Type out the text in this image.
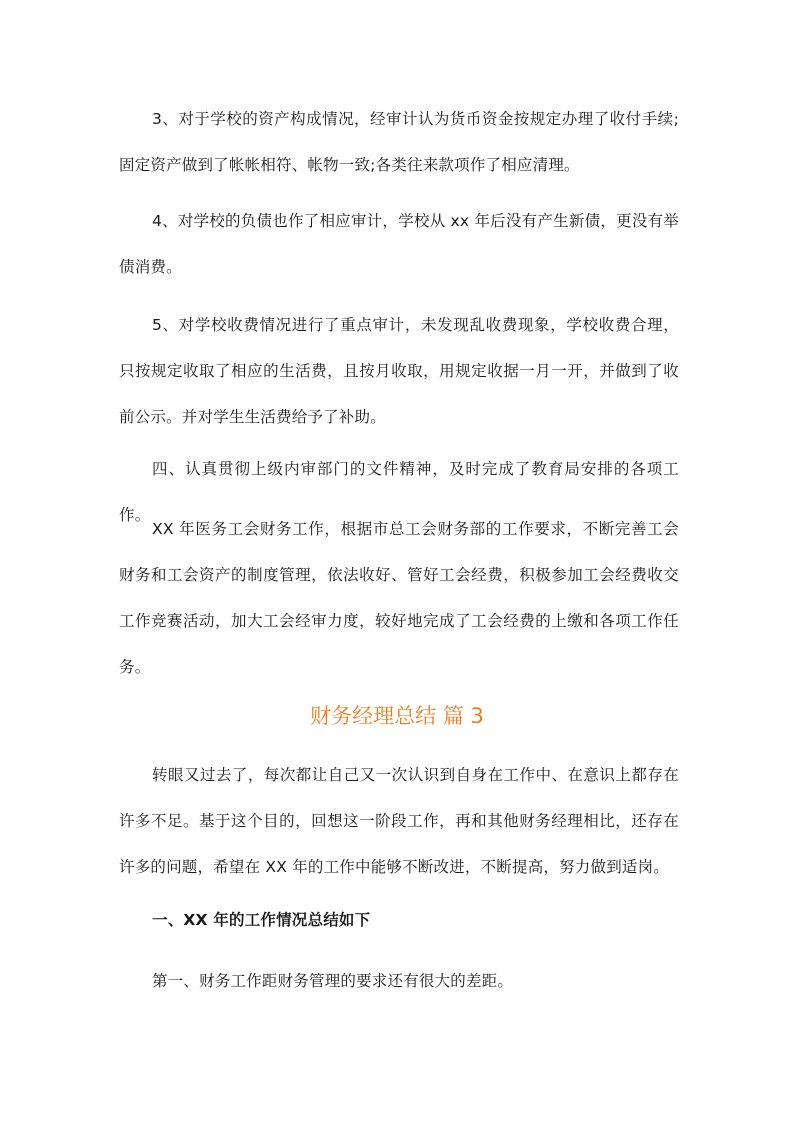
3、对于学校的资产构成情况，经审计认为货币资金按规定办理了收付手续;固定资产做到了帐帐相符、帐物一致;各类往来款项作了相应清理。

4、对学校的负债也作了相应审计，学校从 xx 年后没有产生新债，更没有举债消费。

5、对学校收费情况进行了重点审计，未发现乱收费现象，学校收费合理，只按规定收取了相应的生活费，且按月收取，用规定收据一月一开，并做到了收前公示。并对学生生活费给予了补助。

四、认真贯彻上级内审部门的文件精神，及时完成了教育局安排的各项工作。

XX 年医务工会财务工作，根据市总工会财务部的工作要求，不断完善工会财务和工会资产的制度管理，依法收好、管好工会经费，积极参加工会经费收交工作竞赛活动，加大工会经审力度，较好地完成了工会经费的上缴和各项工作任务。

财务经理总结 篇 3

转眼又过去了，每次都让自己又一次认识到自身在工作中、在意识上都存在许多不足。基于这个目的，回想这一阶段工作，再和其他财务经理相比，还存在许多的问题，希望在 XX 年的工作中能够不断改进，不断提高，努力做到适岗。

一、XX 年的工作情况总结如下

第一、财务工作距财务管理的要求还有很大的差距。
